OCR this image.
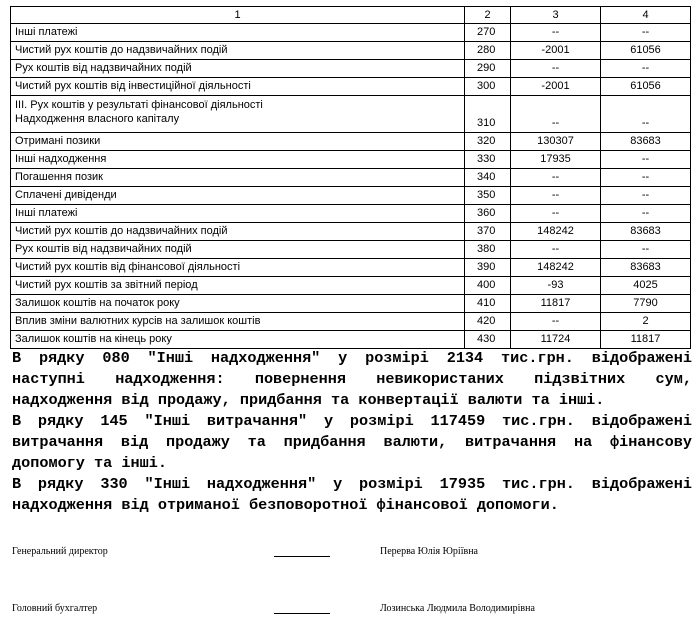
1	2	3	4
Інші платежі	270	--	--
Чистий рух коштів до надзвичайних подій	280	-2001	61056
Рух коштів від надзвичайних подій	290	--	--
Чистий рух коштів від інвестиційної діяльності	300	-2001	61056

ІІІ. Рух коштів у результаті фінансової діяльності
Надходження власного капіталу	310	--	--
Отримані позики	320	130307	83683
Інші надходження	330	17935	--
Погашення позик	340	--	--
Сплачені дивіденди	350	--	--
Інші платежі	360	--	--
Чистий рух коштів до надзвичайних подій	370	148242	83683
Рух коштів від надзвичайних подій	380	--	--
Чистий рух коштів від фінансової діяльності	390	148242	83683
Чистий рух коштів за звітний період	400	-93	4025
Залишок коштів на початок року	410	11817	7790
Вплив зміни валютних курсів на залишок коштів	420	--	2
Залишок коштів на кінець року	430	11724	11817

В рядку 080 "Інші надходження" у розмірі 2134 тис.грн. відображені наступні надходження: повернення невикористаних підзвітних сум, надходження від продажу, придбання та конвертації валюти та інші.

В рядку 145 "Інші витрачання" у розмірі 117459 тис.грн. відображені витрачання від продажу та придбання валюти, витрачання на фінансову допомогу та інші.

В рядку 330 "Інші надходження" у розмірі 17935 тис.грн. відображені надходження від отриманої безповоротної фінансової допомоги.

Генеральний директор	Перерва Юлія Юріївна
Головний бухгалтер	Лозинська Людмила Володимирівна
